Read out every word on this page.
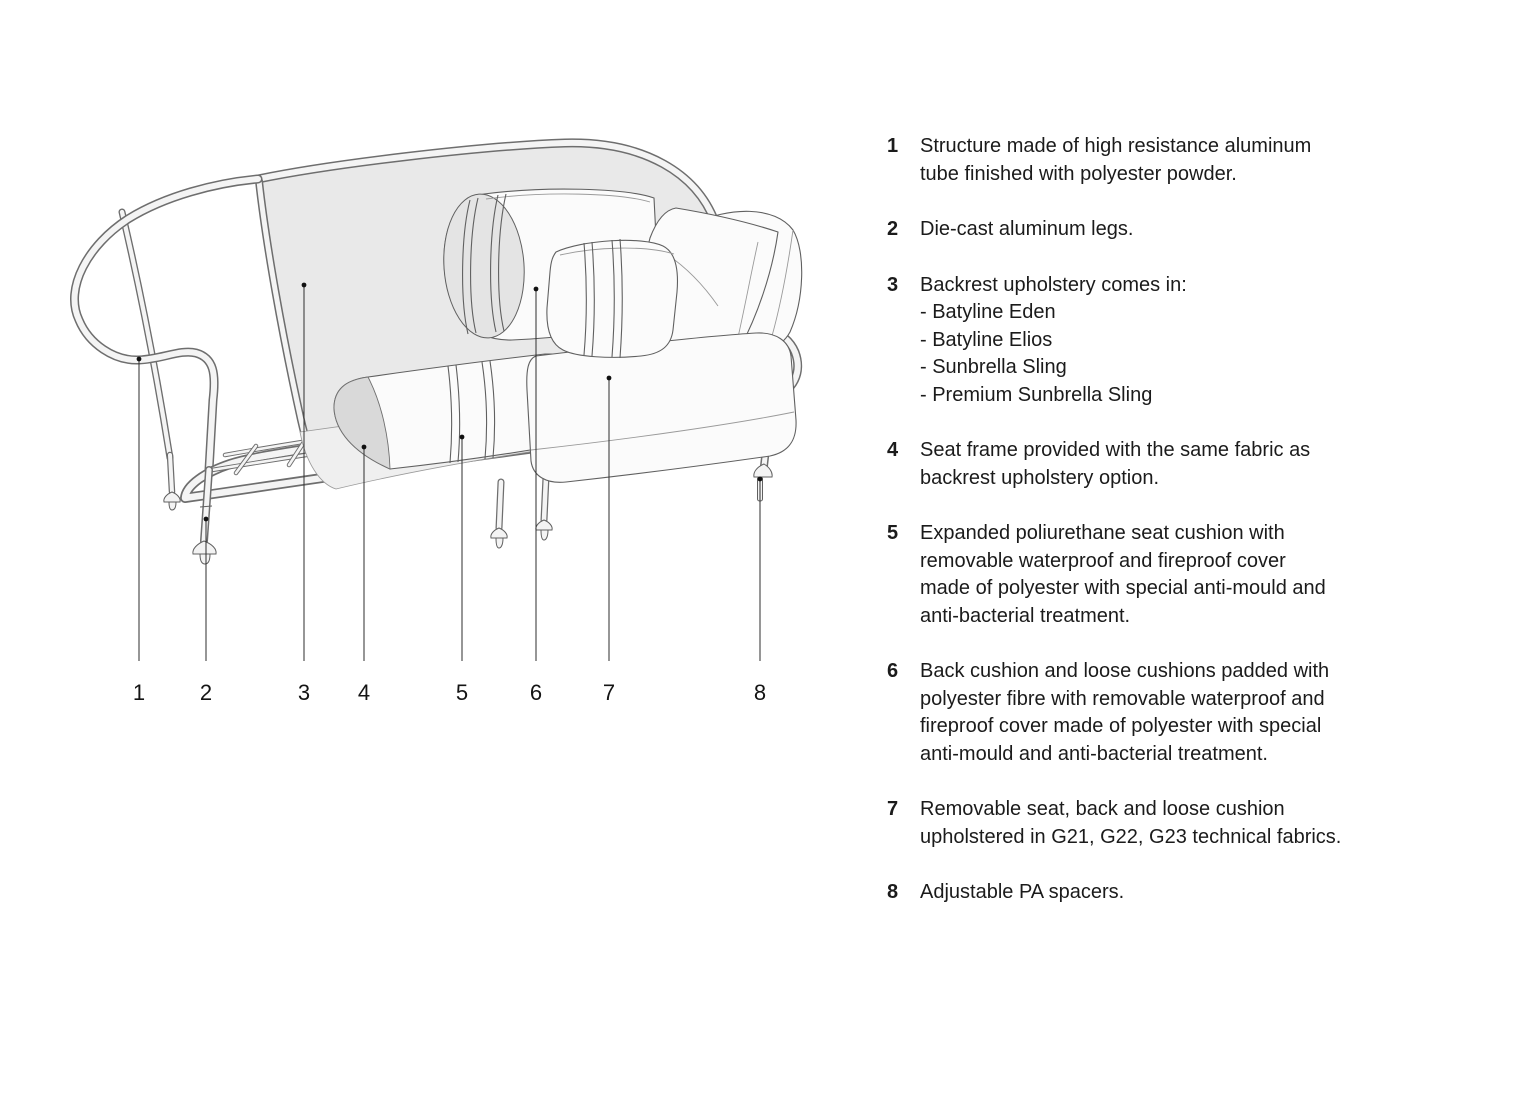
1 2	3 4	5	6	7	8
1	Structure made of high resistance aluminum
tube finished with polyester powder.
2	Die-cast aluminum legs.
3	Backrest upholstery comes in:
- Batyline Eden
- Batyline Elios
- Sunbrella Sling
- Premium Sunbrella Sling
4	Seat frame provided with the same fabric as
backrest upholstery option.
5	Expanded poliurethane seat cushion with
removable waterproof and fireproof cover
made of polyester with special anti-mould and
anti-bacterial treatment.
6	Back cushion and loose cushions padded with
polyester fibre with removable waterproof and
fireproof cover made of polyester with special
anti-mould and anti-bacterial treatment.
7	Removable seat, back and loose cushion
upholstered in G21, G22, G23 technical fabrics.
8	Adjustable PA spacers.
